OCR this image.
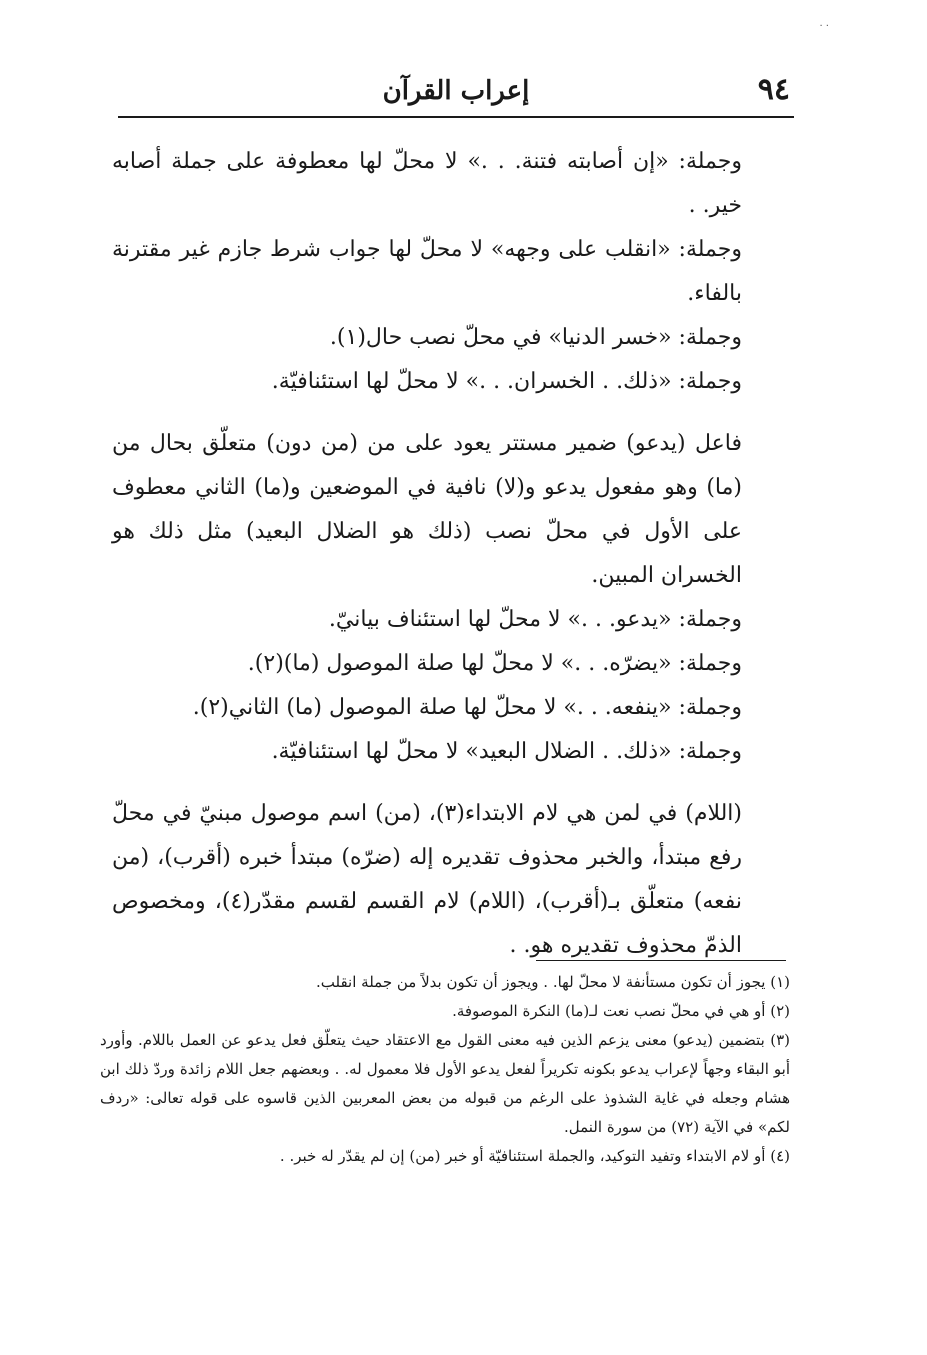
. .
٩٤
إعراب القرآن

وجملة: «إن أصابته فتنة. . .» لا محلّ لها معطوفة على جملة أصابه خير. .

وجملة: «انقلب على وجهه» لا محلّ لها جواب شرط جازم غير مقترنة بالفاء.

وجملة: «خسر الدنيا» في محلّ نصب حال(١).

وجملة: «ذلك. . الخسران. . .» لا محلّ لها استئنافيّة.

فاعل (يدعو) ضمير مستتر يعود على من (من دون) متعلّق بحال من (ما) وهو مفعول يدعو و(لا) نافية في الموضعين و(ما) الثاني معطوف على الأول في محلّ نصب (ذلك هو الضلال البعيد) مثل ذلك هو الخسران المبين.

وجملة: «يدعو. . .» لا محلّ لها استئناف بيانيّ.

وجملة: «يضرّه. . .» لا محلّ لها صلة الموصول (ما)(٢).

وجملة: «ينفعه. . .» لا محلّ لها صلة الموصول (ما) الثاني(٢).

وجملة: «ذلك. . الضلال البعيد» لا محلّ لها استئنافيّة.

(اللام) في لمن هي لام الابتداء(٣)، (من) اسم موصول مبنيّ في محلّ رفع مبتدأ، والخبر محذوف تقديره إله (ضرّه) مبتدأ خبره (أقرب)، (من نفعه) متعلّق بـ(أقرب)، (اللام) لام القسم لقسم مقدّر(٤)، ومخصوص الذمّ محذوف تقديره هو. .

(١) يجوز أن تكون مستأنفة لا محلّ لها. . ويجوز أن تكون بدلاً من جملة انقلب.

(٢) أو هي في محلّ نصب نعت لـ(ما) النكرة الموصوفة.

(٣) بتضمين (يدعو) معنى يزعم الذين فيه معنى القول مع الاعتقاد حيث يتعلّق فعل يدعو عن العمل باللام. وأورد أبو البقاء وجهاً لإعراب يدعو بكونه تكريراً لفعل يدعو الأول فلا معمول له. . وبعضهم جعل اللام زائدة وردّ ذلك ابن هشام وجعله في غاية الشذوذ على الرغم من قبوله من بعض المعربين الذين قاسوه على قوله تعالى: «ردف لكم» في الآية (٧٢) من سورة النمل.

(٤) أو لام الابتداء وتفيد التوكيد، والجملة استئنافيّة أو خبر (من) إن لم يقدّر له خبر. .
